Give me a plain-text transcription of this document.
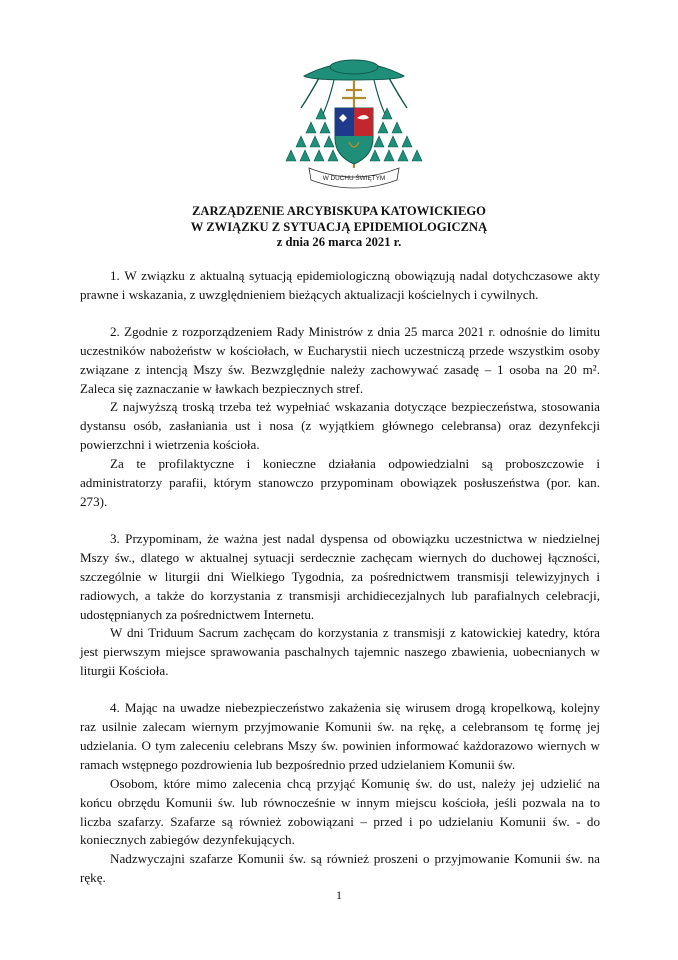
W DUCHU ŚWIĘTYM
ZARZĄDZENIE ARCYBISKUPA KATOWICKIEGO
W ZWIĄZKU Z SYTUACJĄ EPIDEMIOLOGICZNĄ
z dnia 26 marca 2021 r.

1. W związku z aktualną sytuacją epidemiologiczną obowiązują nadal dotychczasowe akty prawne i wskazania, z uwzględnieniem bieżących aktualizacji kościelnych i cywilnych.

2. Zgodnie z rozporządzeniem Rady Ministrów z dnia 25 marca 2021 r. odnośnie do limitu uczestników nabożeństw w kościołach, w Eucharystii niech uczestniczą przede wszystkim osoby związane z intencją Mszy św. Bezwzględnie należy zachowywać zasadę – 1 osoba na 20 m². Zaleca się zaznaczanie w ławkach bezpiecznych stref.

Z najwyższą troską trzeba też wypełniać wskazania dotyczące bezpieczeństwa, stosowania dystansu osób, zasłaniania ust i nosa (z wyjątkiem głównego celebransa) oraz dezynfekcji powierzchni i wietrzenia kościoła.

Za te profilaktyczne i konieczne działania odpowiedzialni są proboszczowie i administratorzy parafii, którym stanowczo przypominam obowiązek posłuszeństwa (por. kan. 273).

3. Przypominam, że ważna jest nadal dyspensa od obowiązku uczestnictwa w niedzielnej Mszy św., dlatego w aktualnej sytuacji serdecznie zachęcam wiernych do duchowej łączności, szczególnie w liturgii dni Wielkiego Tygodnia, za pośrednictwem transmisji telewizyjnych i radiowych, a także do korzystania z transmisji archidiecezjalnych lub parafialnych celebracji, udostępnianych za pośrednictwem Internetu.

W dni Triduum Sacrum zachęcam do korzystania z transmisji z katowickiej katedry, która jest pierwszym miejsce sprawowania paschalnych tajemnic naszego zbawienia, uobecnianych w liturgii Kościoła.

4. Mając na uwadze niebezpieczeństwo zakażenia się wirusem drogą kropelkową, kolejny raz usilnie zalecam wiernym przyjmowanie Komunii św. na rękę, a celebransom tę formę jej udzielania. O tym zaleceniu celebrans Mszy św. powinien informować każdorazowo wiernych w ramach wstępnego pozdrowienia lub bezpośrednio przed udzielaniem Komunii św.

Osobom, które mimo zalecenia chcą przyjąć Komunię św. do ust, należy jej udzielić na końcu obrzędu Komunii św. lub równocześnie w innym miejscu kościoła, jeśli pozwala na to liczba szafarzy. Szafarze są również zobowiązani – przed i po udzielaniu Komunii św. - do koniecznych zabiegów dezynfekujących.

Nadzwyczajni szafarze Komunii św. są również proszeni o przyjmowanie Komunii św. na rękę.

1
